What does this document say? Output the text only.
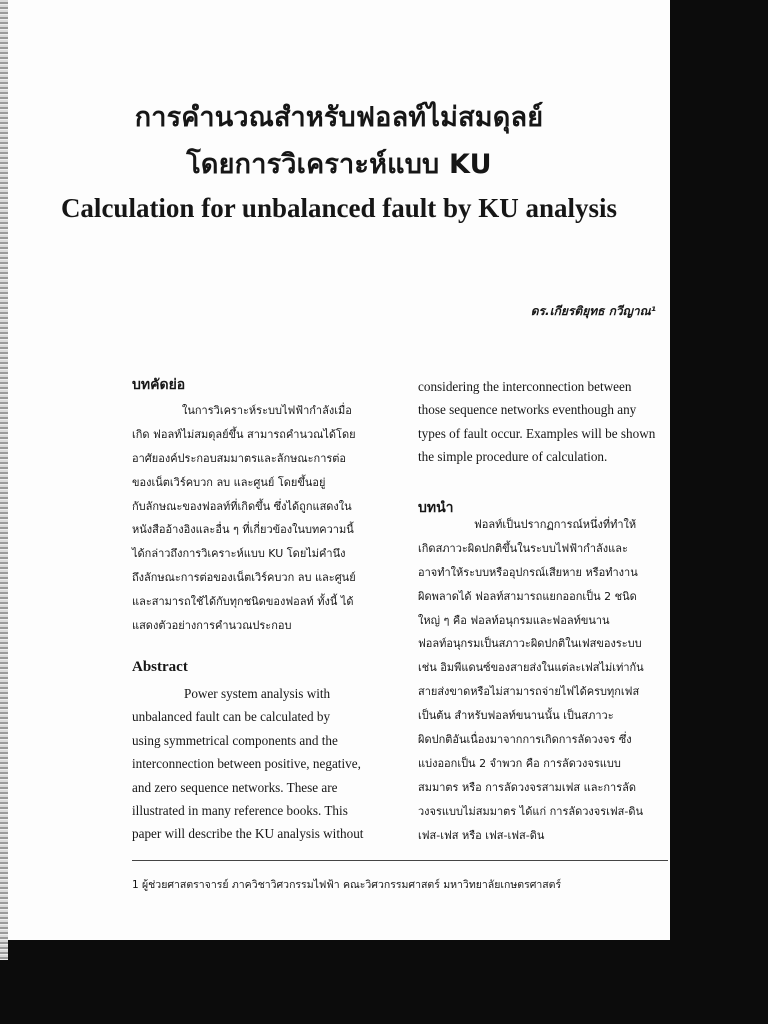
การคำนวณสำหรับฟอลท์ไม่สมดุลย์
โดยการวิเคราะห์แบบ KU
Calculation for unbalanced fault by KU analysis
ดร.เกียรติยุทธ กวีญาณ¹
บทคัดย่อ
ในการวิเคราะห์ระบบไฟฟ้ากำลังเมื่อ
เกิด ฟอลท์ไม่สมดุลย์ขึ้น สามารถคำนวณได้โดย
อาศัยองค์ประกอบสมมาตรและลักษณะการต่อ
ของเน็ตเวิร์คบวก ลบ และศูนย์ โดยขึ้นอยู่
กับลักษณะของฟอลท์ที่เกิดขึ้น ซึ่งได้ถูกแสดงใน
หนังสืออ้างอิงและอื่น ๆ ที่เกี่ยวข้องในบทความนี้
ได้กล่าวถึงการวิเคราะห์แบบ KU โดยไม่คำนึง
ถึงลักษณะการต่อของเน็ตเวิร์คบวก ลบ และศูนย์
และสามารถใช้ได้กับทุกชนิดของฟอลท์ ทั้งนี้ ได้
แสดงตัวอย่างการคำนวณประกอบ
Abstract
Power system analysis with
unbalanced fault can be calculated by
using symmetrical components and the
interconnection between positive, negative,
and zero sequence networks. These are
illustrated in many reference books. This
paper will describe the KU analysis without
considering the interconnection between
those sequence networks eventhough any
types of fault occur. Examples will be shown
the simple procedure of calculation.
บทนำ
ฟอลท์เป็นปรากฏการณ์หนึ่งที่ทำให้
เกิดสภาวะผิดปกติขึ้นในระบบไฟฟ้ากำลังและ
อาจทำให้ระบบหรืออุปกรณ์เสียหาย หรือทำงาน
ผิดพลาดได้ ฟอลท์สามารถแยกออกเป็น 2 ชนิด
ใหญ่ ๆ คือ ฟอลท์อนุกรมและฟอลท์ขนาน
ฟอลท์อนุกรมเป็นสภาวะผิดปกติในเฟสของระบบ
เช่น อิมพีแดนซ์ของสายส่งในแต่ละเฟสไม่เท่ากัน
สายส่งขาดหรือไม่สามารถจ่ายไฟได้ครบทุกเฟส
เป็นต้น สำหรับฟอลท์ขนานนั้น เป็นสภาวะ
ผิดปกติอันเนื่องมาจากการเกิดการลัดวงจร ซึ่ง
แบ่งออกเป็น 2 จำพวก คือ การลัดวงจรแบบ
สมมาตร หรือ การลัดวงจรสามเฟส และการลัด
วงจรแบบไม่สมมาตร ได้แก่ การลัดวงจรเฟส-ดิน
เฟส-เฟส หรือ เฟส-เฟส-ดิน
1 ผู้ช่วยศาสตราจารย์ ภาควิชาวิศวกรรมไฟฟ้า คณะวิศวกรรมศาสตร์ มหาวิทยาลัยเกษตรศาสตร์
